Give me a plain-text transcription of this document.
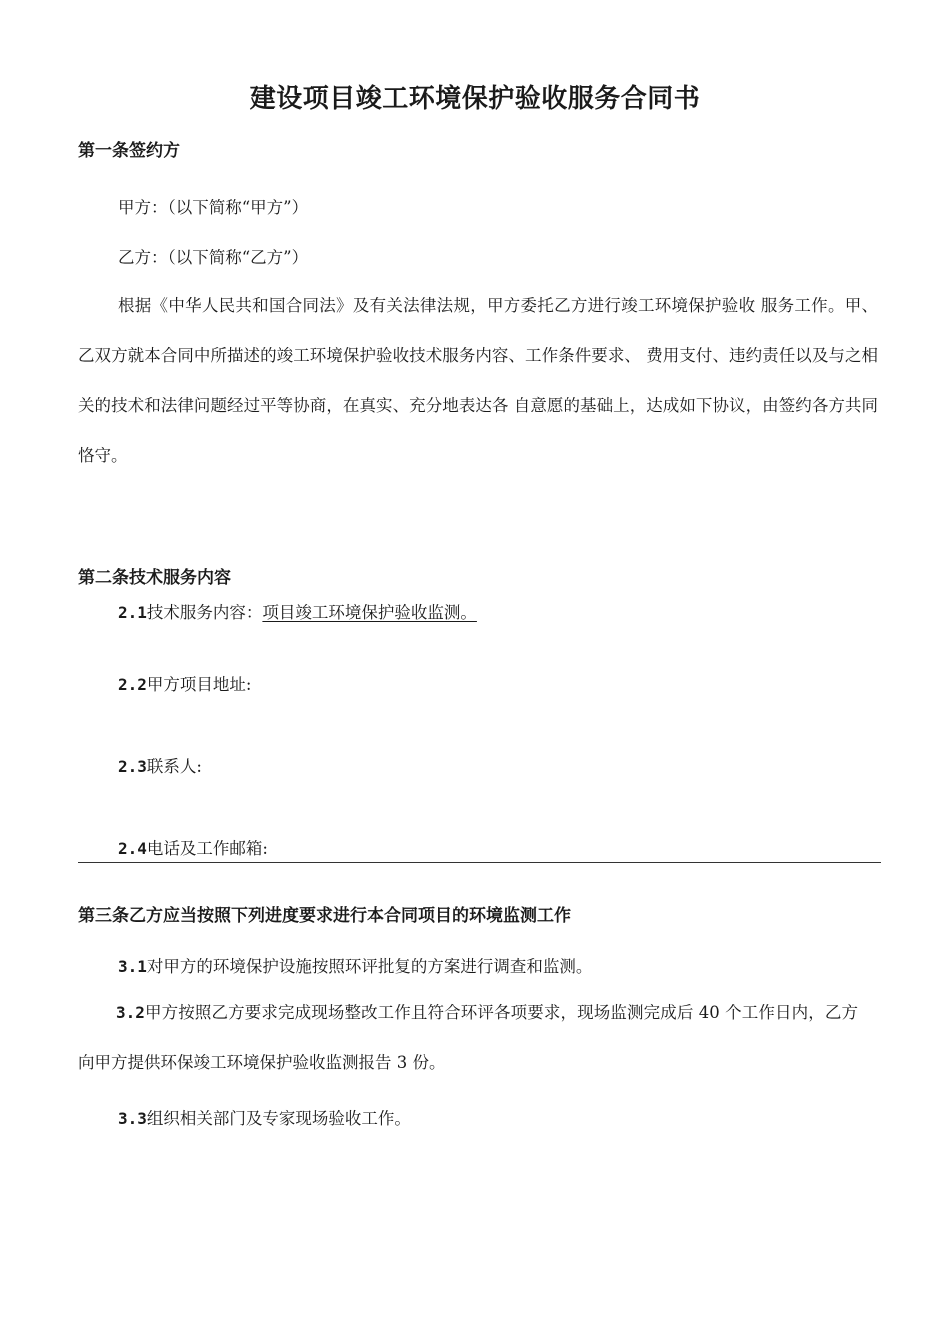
建设项目竣工环境保护验收服务合同书
第一条签约方
甲方：（以下简称“甲方”）
乙方：（以下简称“乙方”）
根据《中华人民共和国合同法》及有关法律法规，甲方委托乙方进行竣工环境保护验收 服务工作。甲、乙双方就本合同中所描述的竣工环境保护验收技术服务内容、工作条件要求、 费用支付、违约责任以及与之相关的技术和法律问题经过平等协商，在真实、充分地表达各 自意愿的基础上，达成如下协议，由签约各方共同恪守。
第二条技术服务内容
2.1技术服务内容：项目竣工环境保护验收监测。
2.2甲方项目地址:
2.3联系人:
2.4电话及工作邮箱:
第三条乙方应当按照下列进度要求进行本合同项目的环境监测工作
3.1对甲方的环境保护设施按照环评批复的方案进行调查和监测。
3.2甲方按照乙方要求完成现场整改工作且符合环评各项要求，现场监测完成后 40 个工作日内，乙方向甲方提供环保竣工环境保护验收监测报告 3 份。
3.3组织相关部门及专家现场验收工作。
